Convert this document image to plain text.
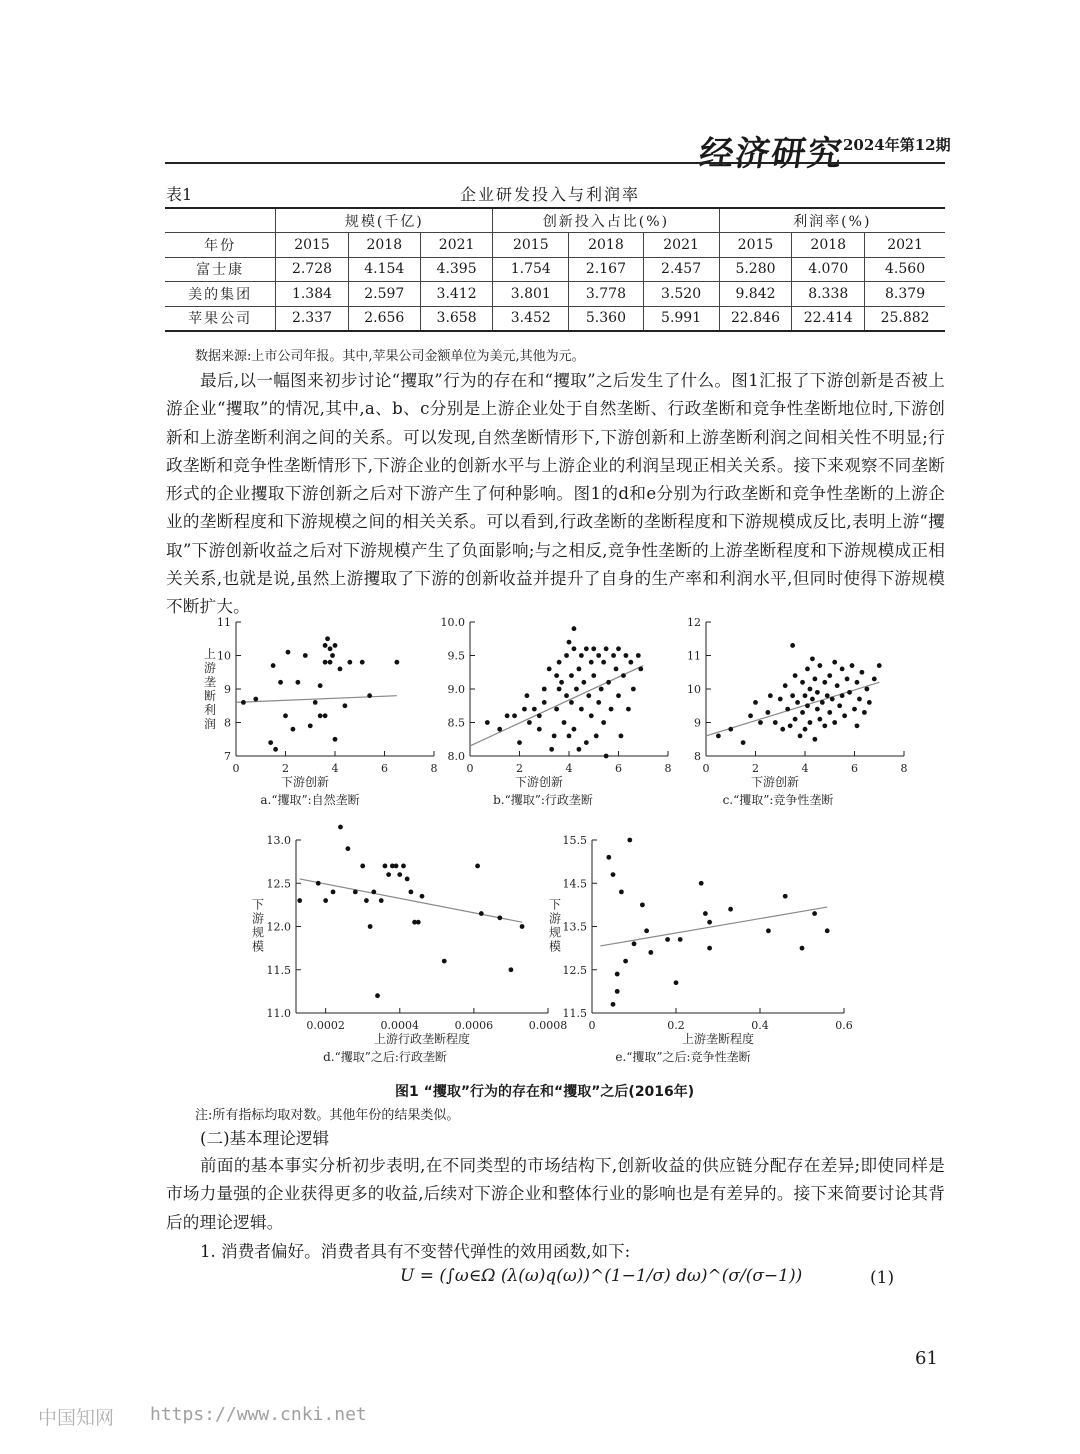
经济研究
2024年第12期
表1	企业研发投入与利润率
	规模(千亿)			创新投入占比(%)			利润率(%)		
年份	2015	2018	2021	2015	2018	2021	2015	2018	2021
富士康	2.728	4.154	4.395	1.754	2.167	2.457	5.280	4.070	4.560
美的集团	1.384	2.597	3.412	3.801	3.778	3.520	9.842	8.338	8.379
苹果公司	2.337	2.656	3.658	3.452	5.360	5.991	22.846	22.414	25.882
数据来源:上市公司年报。其中,苹果公司金额单位为美元,其他为元。
最后,以一幅图来初步讨论“攫取”行为的存在和“攫取”之后发生了什么。图1汇报了下游创新是否被上游企业“攫取”的情况,其中,a、b、c分别是上游企业处于自然垄断、行政垄断和竞争性垄断地位时,下游创新和上游垄断利润之间的关系。可以发现,自然垄断情形下,下游创新和上游垄断利润之间相关性不明显;行政垄断和竞争性垄断情形下,下游企业的创新水平与上游企业的利润呈现正相关关系。接下来观察不同垄断形式的企业攫取下游创新之后对下游产生了何种影响。图1的d和e分别为行政垄断和竞争性垄断的上游企业的垄断程度和下游规模之间的相关关系。可以看到,行政垄断的垄断程度和下游规模成反比,表明上游“攫取”下游创新收益之后对下游规模产生了负面影响;与之相反,竞争性垄断的上游垄断程度和下游规模成正相关关系,也就是说,虽然上游攫取了下游的创新收益并提升了自身的生产率和利润水平,但同时使得下游规模不断扩大。
7
8
9
10
11
0	2	4	6	8
下游创新
a.“攫取”:自然垄断
上
游
垄
断
利
润
8.0
8.5
9.0
9.5
10.0
0	2	4	6	8
下游创新
b.“攫取”:行政垄断
8
9
10
11
12
0	2	4	6	8
下游创新
c.“攫取”:竞争性垄断
11.0
11.5
12.0
12.5
13.0
0.0002	0.0004	0.0006	0.0008
上游行政垄断程度
d.“攫取”之后:行政垄断
下
游
规
模
11.5
12.5
13.5
14.5
15.5
0	0.2	0.4	0.6
上游垄断程度
e.“攫取”之后:竞争性垄断
下
游
规
模
图1 “攫取”行为的存在和“攫取”之后(2016年)
注:所有指标均取对数。其他年份的结果类似。
(二)基本理论逻辑
前面的基本事实分析初步表明,在不同类型的市场结构下,创新收益的供应链分配存在差异;即使同样是市场力量强的企业获得更多的收益,后续对下游企业和整体行业的影响也是有差异的。接下来简要讨论其背后的理论逻辑。
1. 消费者偏好。消费者具有不变替代弹性的效用函数,如下:
U = (∫ω∈Ω (λ(ω)q(ω))^(1−1/σ) dω)^(σ/(σ−1))	(1)
61
中国知网 https://www.cnki.net
